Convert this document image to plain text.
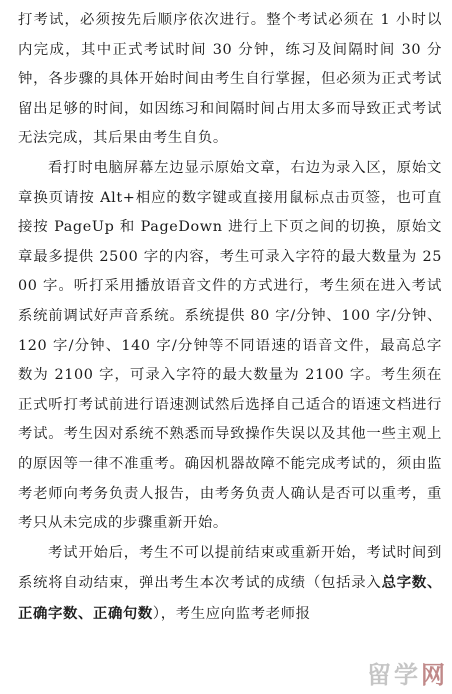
打考试，必须按先后顺序依次进行。整个考试必须在 1 小时以内完成，其中正式考试时间 30 分钟，练习及间隔时间 30 分钟，各步骤的具体开始时间由考生自行掌握，但必须为正式考试留出足够的时间，如因练习和间隔时间占用太多而导致正式考试无法完成，其后果由考生自负。

看打时电脑屏幕左边显示原始文章，右边为录入区，原始文章换页请按 Alt+相应的数字键或直接用鼠标点击页签，也可直接按 PageUp 和 PageDown 进行上下页之间的切换，原始文章最多提供 2500 字的内容，考生可录入字符的最大数量为 2500 字。听打采用播放语音文件的方式进行，考生须在进入考试系统前调试好声音系统。系统提供 80 字/分钟、100 字/分钟、120 字/分钟、140 字/分钟等不同语速的语音文件，最高总字数为 2100 字，可录入字符的最大数量为 2100 字。考生须在正式听打考试前进行语速测试然后选择自己适合的语速文档进行考试。考生因对系统不熟悉而导致操作失误以及其他一些主观上的原因等一律不准重考。确因机器故障不能完成考试的，须由监考老师向考务负责人报告，由考务负责人确认是否可以重考，重考只从未完成的步骤重新开始。

考试开始后，考生不可以提前结束或重新开始，考试时间到系统将自动结束，弹出考生本次考试的成绩（包括录入总字数、正确字数、正确句数），考生应向监考老师报

留学网
